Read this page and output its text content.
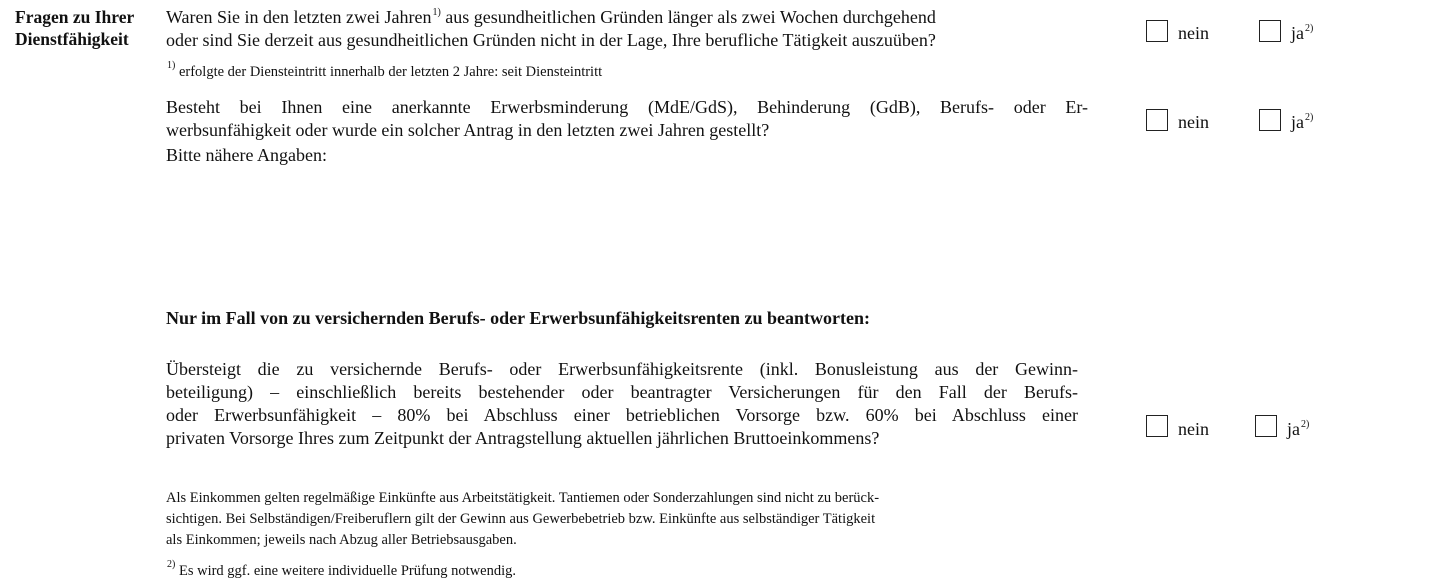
Fragen zu Ihrer
Dienstfähigkeit

Waren Sie in den letzten zwei Jahren$^{1)}$ aus gesundheitlichen Gründen länger als zwei Wochen durchgehend

oder sind Sie derzeit aus gesundheitlichen Gründen nicht in der Lage, Ihre berufliche Tätigkeit auszuüben?

$^{1)}$ erfolgte der Diensteintritt innerhalb der letzten 2 Jahre: seit Diensteintritt
nein	$ja^{2)}$

Besteht bei Ihnen eine anerkannte Erwerbsminderung (MdE/GdS), Behinderung (GdB), Berufs- oder Er-

werbsunfähigkeit oder wurde ein solcher Antrag in den letzten zwei Jahren gestellt?

Bitte nähere Angaben:

nein	$ja^{2)}$
Nur im Fall von zu versichernden Berufs- oder Erwerbsunfähigkeitsrenten zu beantworten:

Übersteigt die zu versichernde Berufs- oder Erwerbsunfähigkeitsrente (inkl. Bonusleistung aus der Gewinn-

beteiligung) – einschließlich bereits bestehender oder beantragter Versicherungen für den Fall der Berufs-

oder Erwerbsunfähigkeit – 80% bei Abschluss einer betrieblichen Vorsorge bzw. 60% bei Abschluss einer

privaten Vorsorge Ihres zum Zeitpunkt der Antragstellung aktuellen jährlichen Bruttoeinkommens?	nein	$ja^{2)}$
Als Einkommen gelten regelmäßige Einkünfte aus Arbeitstätigkeit. Tantiemen oder Sonderzahlungen sind nicht zu berück-
sichtigen. Bei Selbständigen/Freiberuflern gilt der Gewinn aus Gewerbebetrieb bzw. Einkünfte aus selbständiger Tätigkeit
als Einkommen; jeweils nach Abzug aller Betriebsausgaben.
$^{2)}$ Es wird ggf. eine weitere individuelle Prüfung notwendig.
